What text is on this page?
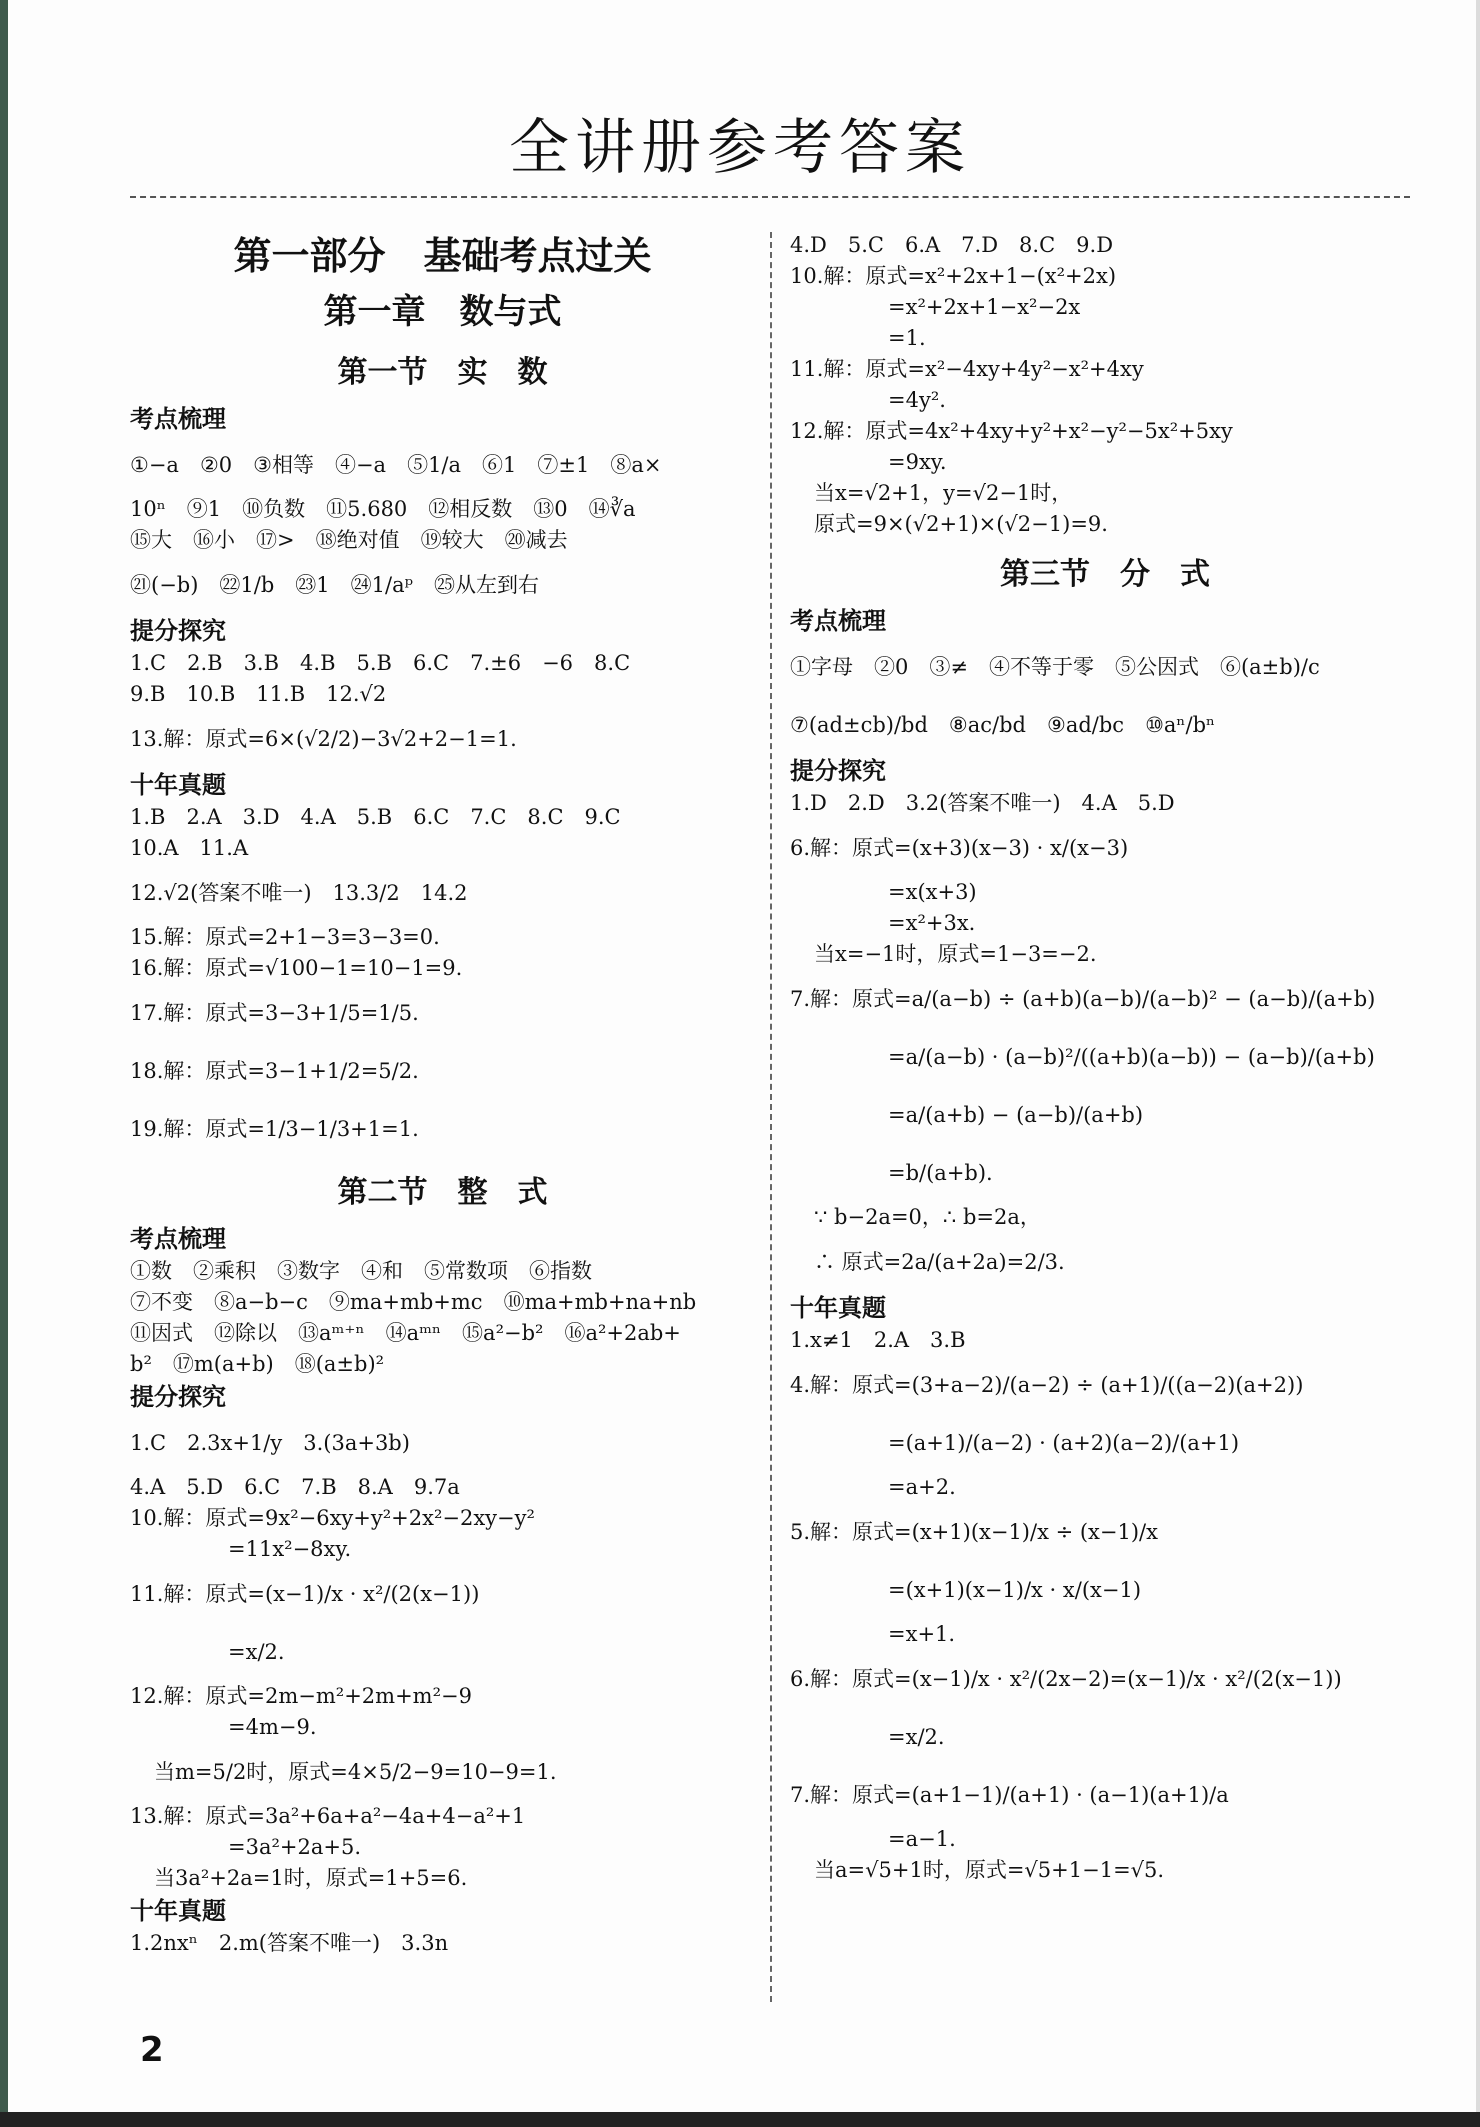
全讲册参考答案
第一部分　基础考点过关
第一章　数与式
第一节　实　数
考点梳理
①−a　②0　③相等　④−a　⑤1/a　⑥1　⑦±1　⑧a×
10ⁿ　⑨1　⑩负数　⑪5.680　⑫相反数　⑬0　⑭∛a
⑮大　⑯小　⑰>　⑱绝对值　⑲较大　⑳减去
㉑(−b)　㉒1/b　㉓1　㉔1/aᵖ　㉕从左到右
提分探究
1.C　2.B　3.B　4.B　5.B　6.C　7.±6　−6　8.C
9.B　10.B　11.B　12.√2
13.解：原式=6×(√2/2)−3√2+2−1=1.
十年真题
1.B　2.A　3.D　4.A　5.B　6.C　7.C　8.C　9.C
10.A　11.A
12.√2(答案不唯一)　13.3/2　14.2
15.解：原式=2+1−3=3−3=0.
16.解：原式=√100−1=10−1=9.
17.解：原式=3−3+1/5=1/5.
18.解：原式=3−1+1/2=5/2.
19.解：原式=1/3−1/3+1=1.
第二节　整　式
考点梳理
①数　②乘积　③数字　④和　⑤常数项　⑥指数
⑦不变　⑧a−b−c　⑨ma+mb+mc　⑩ma+mb+na+nb
⑪因式　⑫除以　⑬aᵐ⁺ⁿ　⑭aᵐⁿ　⑮a²−b²　⑯a²+2ab+
b²　⑰m(a+b)　⑱(a±b)²
提分探究
1.C　2.3x+1/y　3.(3a+3b)
4.A　5.D　6.C　7.B　8.A　9.7a
10.解：原式=9x²−6xy+y²+2x²−2xy−y²
=11x²−8xy.
11.解：原式=(x−1)/x · x²/(2(x−1))
=x/2.
12.解：原式=2m−m²+2m+m²−9
=4m−9.
当m=5/2时，原式=4×5/2−9=10−9=1.
13.解：原式=3a²+6a+a²−4a+4−a²+1
=3a²+2a+5.
当3a²+2a=1时，原式=1+5=6.
十年真题
1.2nxⁿ　2.m(答案不唯一)　3.3n
4.D　5.C　6.A　7.D　8.C　9.D
10.解：原式=x²+2x+1−(x²+2x)
=x²+2x+1−x²−2x
=1.
11.解：原式=x²−4xy+4y²−x²+4xy
=4y².
12.解：原式=4x²+4xy+y²+x²−y²−5x²+5xy
=9xy.
当x=√2+1，y=√2−1时，
原式=9×(√2+1)×(√2−1)=9.
第三节　分　式
考点梳理
①字母　②0　③≠　④不等于零　⑤公因式　⑥(a±b)/c
⑦(ad±cb)/bd　⑧ac/bd　⑨ad/bc　⑩aⁿ/bⁿ
提分探究
1.D　2.D　3.2(答案不唯一)　4.A　5.D
6.解：原式=(x+3)(x−3) · x/(x−3)
=x(x+3)
=x²+3x.
当x=−1时，原式=1−3=−2.
7.解：原式=a/(a−b) ÷ (a+b)(a−b)/(a−b)² − (a−b)/(a+b)
=a/(a−b) · (a−b)²/((a+b)(a−b)) − (a−b)/(a+b)
=a/(a+b) − (a−b)/(a+b)
=b/(a+b).
∵ b−2a=0，∴ b=2a，
∴ 原式=2a/(a+2a)=2/3.
十年真题
1.x≠1　2.A　3.B
4.解：原式=(3+a−2)/(a−2) ÷ (a+1)/((a−2)(a+2))
=(a+1)/(a−2) · (a+2)(a−2)/(a+1)
=a+2.
5.解：原式=(x+1)(x−1)/x ÷ (x−1)/x
=(x+1)(x−1)/x · x/(x−1)
=x+1.
6.解：原式=(x−1)/x · x²/(2x−2)=(x−1)/x · x²/(2(x−1))
=x/2.
7.解：原式=(a+1−1)/(a+1) · (a−1)(a+1)/a
=a−1.
当a=√5+1时，原式=√5+1−1=√5.
2
